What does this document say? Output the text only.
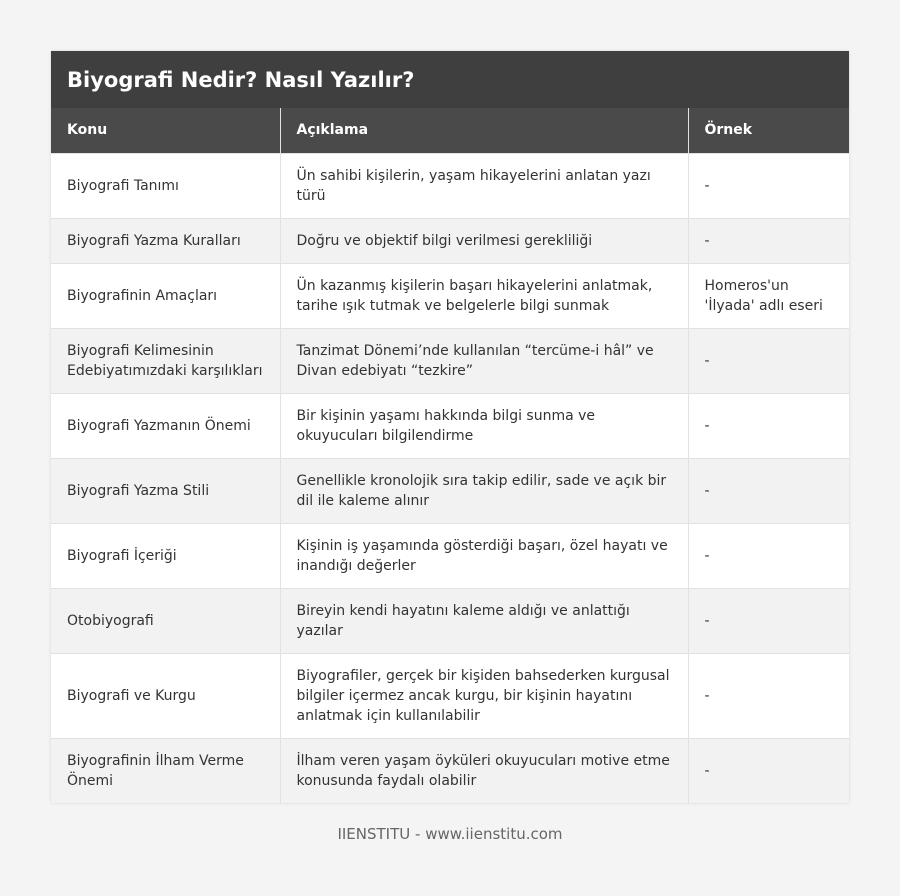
Biyografi Nedir? Nasıl Yazılır?
Konu	Açıklama	Örnek
Biyografi Tanımı	Ün sahibi kişilerin, yaşam hikayelerini anlatan yazı türü	-
Biyografi Yazma Kuralları	Doğru ve objektif bilgi verilmesi gerekliliği	-
Biyografinin Amaçları	Ün kazanmış kişilerin başarı hikayelerini anlatmak, tarihe ışık tutmak ve belgelerle bilgi sunmak	Homeros'un 'İlyada' adlı eseri
Biyografi Kelimesinin Edebiyatımızdaki karşılıkları	Tanzimat Dönemi’nde kullanılan “tercüme-i hâl” ve Divan edebiyatı “tezkire”	-
Biyografi Yazmanın Önemi	Bir kişinin yaşamı hakkında bilgi sunma ve okuyucuları bilgilendirme	-
Biyografi Yazma Stili	Genellikle kronolojik sıra takip edilir, sade ve açık bir dil ile kaleme alınır	-
Biyografi İçeriği	Kişinin iş yaşamında gösterdiği başarı, özel hayatı ve inandığı değerler	-
Otobiyografi	Bireyin kendi hayatını kaleme aldığı ve anlattığı yazılar	-
Biyografi ve Kurgu	Biyografiler, gerçek bir kişiden bahsederken kurgusal bilgiler içermez ancak kurgu, bir kişinin hayatını anlatmak için kullanılabilir	-
Biyografinin İlham Verme Önemi	İlham veren yaşam öyküleri okuyucuları motive etme konusunda faydalı olabilir	-
IIENSTITU - www.iienstitu.com
